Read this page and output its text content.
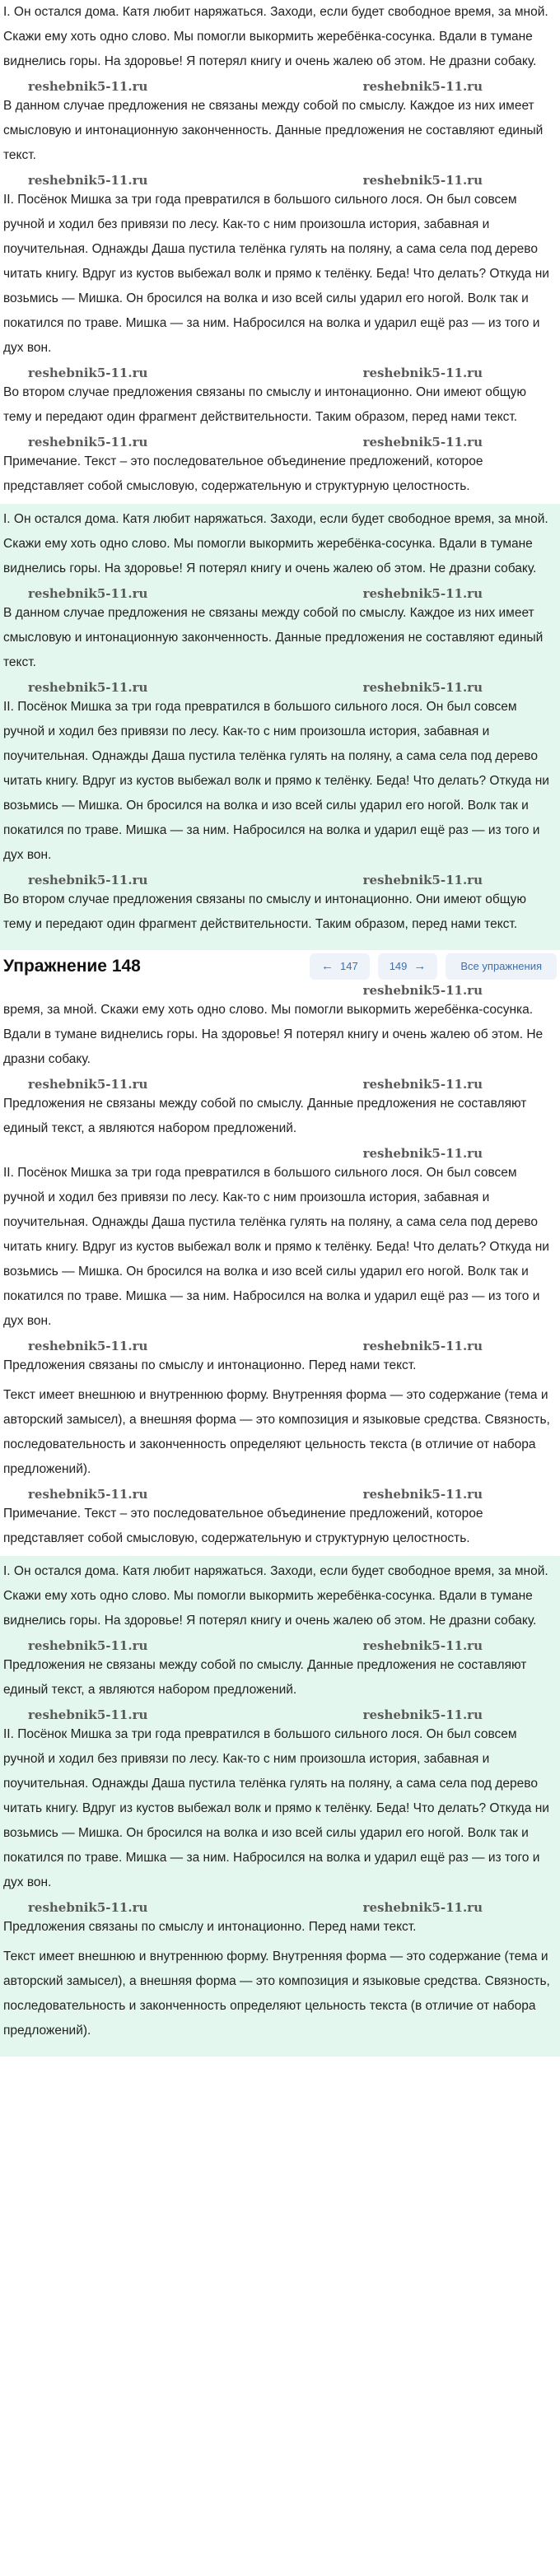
I. Он остался дома. Катя любит наряжаться. Заходи, если будет свободное время, за мной. Скажи ему хоть одно слово. Мы помогли выкормить жеребёнка-сосунка. Вдали в тумане виднелись горы. На здоровье! Я потерял книгу и очень жалею об этом. Не дразни собаку.

reshebnik5-11.ru	reshebnik5-11.ru

В данном случае предложения не связаны между собой по смыслу. Каждое из них имеет смысловую и интонационную законченность. Данные предложения не составляют единый текст.

reshebnik5-11.ru	reshebnik5-11.ru

II. Посёнок Мишка за три года превратился в большого сильного лося. Он был совсем ручной и ходил без привязи по лесу. Как-то с ним произошла история, забавная и поучительная. Однажды Даша пустила телёнка гулять на поляну, а сама села под дерево читать книгу. Вдруг из кустов выбежал волк и прямо к телёнку. Беда! Что делать? Откуда ни возьмись — Мишка. Он бросился на волка и изо всей силы ударил его ногой. Волк так и покатился по траве. Мишка — за ним. Набросился на волка и ударил ещё раз — из того и дух вон.

reshebnik5-11.ru	reshebnik5-11.ru

Во втором случае предложения связаны по смыслу и интонационно. Они имеют общую тему и передают один фрагмент действительности. Таким образом, перед нами текст.

reshebnik5-11.ru	reshebnik5-11.ru

Примечание. Текст – это последовательное объединение предложений, которое представляет собой смысловую, содержательную и структурную целостность.

I. Он остался дома. Катя любит наряжаться. Заходи, если будет свободное время, за мной. Скажи ему хоть одно слово. Мы помогли выкормить жеребёнка-сосунка. Вдали в тумане виднелись горы. На здоровье! Я потерял книгу и очень жалею об этом. Не дразни собаку.

reshebnik5-11.ru	reshebnik5-11.ru

В данном случае предложения не связаны между собой по смыслу. Каждое из них имеет смысловую и интонационную законченность. Данные предложения не составляют единый текст.

reshebnik5-11.ru	reshebnik5-11.ru

II. Посёнок Мишка за три года превратился в большого сильного лося. Он был совсем ручной и ходил без привязи по лесу. Как-то с ним произошла история, забавная и поучительная. Однажды Даша пустила телёнка гулять на поляну, а сама села под дерево читать книгу. Вдруг из кустов выбежал волк и прямо к телёнку. Беда! Что делать? Откуда ни возьмись — Мишка. Он бросился на волка и изо всей силы ударил его ногой. Волк так и покатился по траве. Мишка — за ним. Набросился на волка и ударил ещё раз — из того и дух вон.

reshebnik5-11.ru	reshebnik5-11.ru

Во втором случае предложения связаны по смыслу и интонационно. Они имеют общую тему и передают один фрагмент действительности. Таким образом, перед нами текст.

Упражнение 148	← 147	149 →	Все упражнения
reshebnik5-11.ru

время, за мной. Скажи ему хоть одно слово. Мы помогли выкормить жеребёнка-сосунка. Вдали в тумане виднелись горы. На здоровье! Я потерял книгу и очень жалею об этом. Не дразни собаку.

reshebnik5-11.ru	reshebnik5-11.ru

Предложения не связаны между собой по смыслу. Данные предложения не составляют единый текст, а являются набором предложений.

reshebnik5-11.ru

II. Посёнок Мишка за три года превратился в большого сильного лося. Он был совсем ручной и ходил без привязи по лесу. Как-то с ним произошла история, забавная и поучительная. Однажды Даша пустила телёнка гулять на поляну, а сама села под дерево читать книгу. Вдруг из кустов выбежал волк и прямо к телёнку. Беда! Что делать? Откуда ни возьмись — Мишка. Он бросился на волка и изо всей силы ударил его ногой. Волк так и покатился по траве. Мишка — за ним. Набросился на волка и ударил ещё раз — из того и дух вон.

reshebnik5-11.ru	reshebnik5-11.ru

Предложения связаны по смыслу и интонационно. Перед нами текст.

Текст имеет внешнюю и внутреннюю форму. Внутренняя форма — это содержание (тема и авторский замысел), а внешняя форма — это композиция и языковые средства. Связность, последовательность и законченность определяют цельность текста (в отличие от набора предложений).

reshebnik5-11.ru	reshebnik5-11.ru

Примечание. Текст – это последовательное объединение предложений, которое представляет собой смысловую, содержательную и структурную целостность.

I. Он остался дома. Катя любит наряжаться. Заходи, если будет свободное время, за мной. Скажи ему хоть одно слово. Мы помогли выкормить жеребёнка-сосунка. Вдали в тумане виднелись горы. На здоровье! Я потерял книгу и очень жалею об этом. Не дразни собаку.

reshebnik5-11.ru	reshebnik5-11.ru

Предложения не связаны между собой по смыслу. Данные предложения не составляют единый текст, а являются набором предложений.

reshebnik5-11.ru	reshebnik5-11.ru

II. Посёнок Мишка за три года превратился в большого сильного лося. Он был совсем ручной и ходил без привязи по лесу. Как-то с ним произошла история, забавная и поучительная. Однажды Даша пустила телёнка гулять на поляну, а сама села под дерево читать книгу. Вдруг из кустов выбежал волк и прямо к телёнку. Беда! Что делать? Откуда ни возьмись — Мишка. Он бросился на волка и изо всей силы ударил его ногой. Волк так и покатился по траве. Мишка — за ним. Набросился на волка и ударил ещё раз — из того и дух вон.

reshebnik5-11.ru	reshebnik5-11.ru

Предложения связаны по смыслу и интонационно. Перед нами текст.

Текст имеет внешнюю и внутреннюю форму. Внутренняя форма — это содержание (тема и авторский замысел), а внешняя форма — это композиция и языковые средства. Связность, последовательность и законченность определяют цельность текста (в отличие от набора предложений).
